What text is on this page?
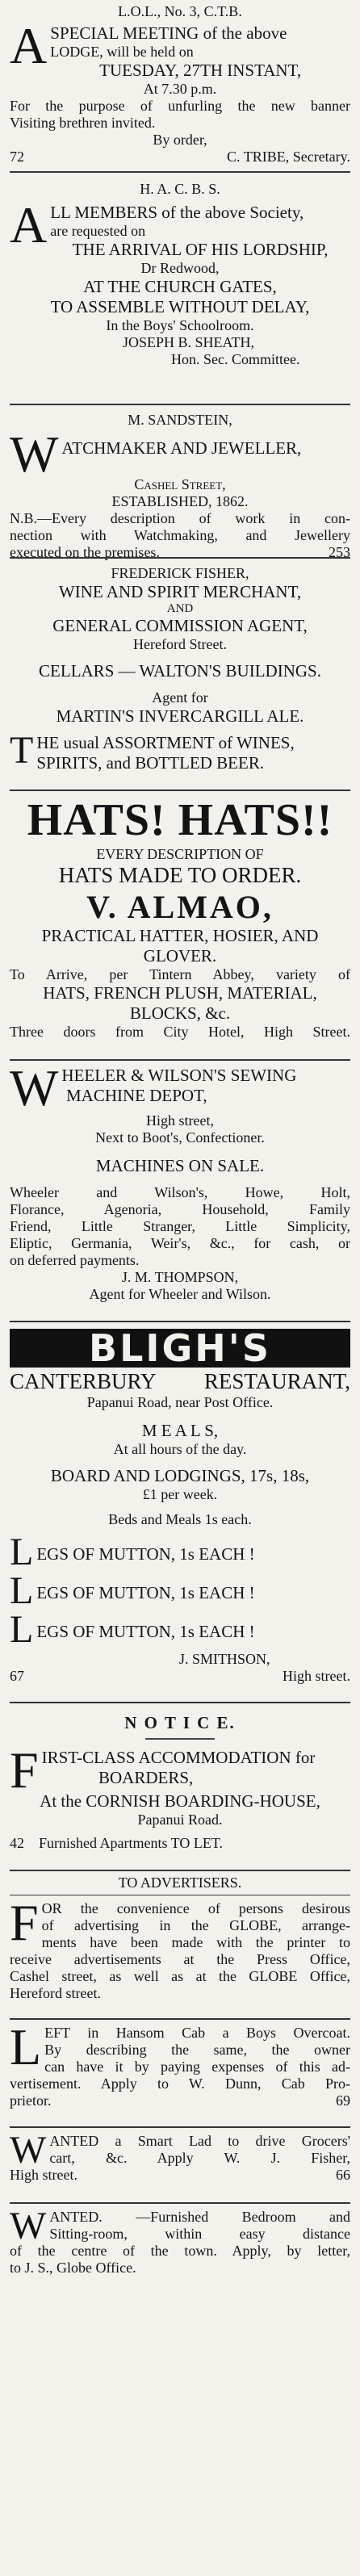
L.O.L., No. 3, C.T.B.
A SPECIAL MEETING of the above
LODGE, will be held on
TUESDAY, 27TH INSTANT,
At 7.30 p.m.
For the purpose of unfurling the new banner
Visiting brethren invited.
By order,
72	C. TRIBE, Secretary.
H. A. C. B. S.
A LL MEMBERS of the above Society,
are requested on
THE ARRIVAL OF HIS LORDSHIP,
Dr Redwood,
AT THE CHURCH GATES,
TO ASSEMBLE WITHOUT DELAY,
In the Boys' Schoolroom.
JOSEPH B. SHEATH,
Hon. Sec. Committee.
M. SANDSTEIN,
W ATCHMAKER AND JEWELLER,
Cashel Street,
ESTABLISHED, 1862.
N.B.—Every description of work in con-
nection with Watchmaking, and Jewellery
executed on the premises.	253
FREDERICK FISHER,
WINE AND SPIRIT MERCHANT,
AND
GENERAL COMMISSION AGENT,
Hereford Street.
CELLARS — WALTON'S BUILDINGS.
Agent for
MARTIN'S INVERCARGILL ALE.
T HE usual ASSORTMENT of WINES,
SPIRITS, and BOTTLED BEER.
HATS! HATS!!
EVERY DESCRIPTION OF
HATS MADE TO ORDER.
V. ALMAO,
PRACTICAL HATTER, HOSIER, AND
GLOVER.
To Arrive, per Tintern Abbey, variety of
HATS, FRENCH PLUSH, MATERIAL,
BLOCKS, &c.
Three doors from City Hotel, High Street.
W HEELER & WILSON'S SEWING
MACHINE DEPOT,
High street,
Next to Boot's, Confectioner.
MACHINES ON SALE.
Wheeler and Wilson's, Howe, Holt,
Florance, Agenoria, Household, Family
Friend, Little Stranger, Little Simplicity,
Eliptic, Germania, Weir's, &c., for cash, or
on deferred payments.
J. M. THOMPSON,
Agent for Wheeler and Wilson.
BLIGH'S
CANTERBURY RESTAURANT,
Papanui Road, near Post Office.
M E A L S,
At all hours of the day.
BOARD AND LODGINGS, 17s, 18s,
£1 per week.
Beds and Meals 1s each.
L EGS OF MUTTON, 1s EACH !
L EGS OF MUTTON, 1s EACH !
L EGS OF MUTTON, 1s EACH !
J. SMITHSON,
67	High street.
N O T I C E.
F IRST-CLASS ACCOMMODATION for
BOARDERS,
At the CORNISH BOARDING-HOUSE,
Papanui Road.
42 Furnished Apartments TO LET.
TO ADVERTISERS.
F OR the convenience of persons desirous
of advertising in the GLOBE, arrange-
ments have been made with the printer to
receive advertisements at the Press Office,
Cashel street, as well as at the GLOBE Office,
Hereford street.
L EFT in Hansom Cab a Boys Overcoat.
By describing the same, the owner
can have it by paying expenses of this ad-
vertisement. Apply to W. Dunn, Cab Pro-
prietor.	69
W ANTED a Smart Lad to drive Grocers'
cart, &c. Apply W. J. Fisher,
High street.	66
W ANTED. —Furnished Bedroom and
Sitting-room, within easy distance
of the centre of the town. Apply, by letter,
to J. S., Globe Office.
